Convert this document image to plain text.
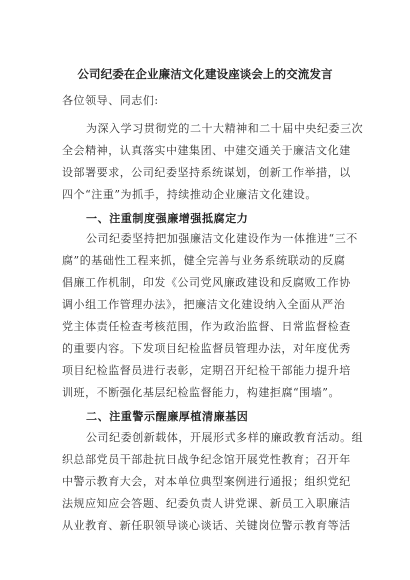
公司纪委在企业廉洁文化建设座谈会上的交流发言
各位领导、同志们:
为深入学习贯彻党的二十大精神和二十届中央纪委三次
全会精神，认真落实中建集团、中建交通关于廉洁文化建
设部署要求，公司纪委坚持系统谋划，创新工作举措，以
四个“注重”为抓手，持续推动企业廉洁文化建设。
一、注重制度强廉增强抵腐定力
公司纪委坚持把加强廉洁文化建设作为一体推进“三不
腐”的基础性工程来抓，健全完善与业务系统联动的反腐
倡廉工作机制，印发《公司党风廉政建设和反腐败工作协
调小组工作管理办法》，把廉洁文化建设纳入全面从严治
党主体责任检查考核范围，作为政治监督、日常监督检查
的重要内容。下发项目纪检监督员管理办法，对年度优秀
项目纪检监督员进行表彰，定期召开纪检干部能力提升培
训班，不断强化基层纪检监督能力，构建拒腐“围墙”。
二、注重警示醒廉厚植清廉基因
公司纪委创新载体，开展形式多样的廉政教育活动。组
织总部党员干部赴抗日战争纪念馆开展党性教育；召开年
中警示教育大会，对本单位典型案例进行通报；组织党纪
法规应知应会答题、纪委负责人讲党课、新员工入职廉洁
从业教育、新任职领导谈心谈话、关键岗位警示教育等活
